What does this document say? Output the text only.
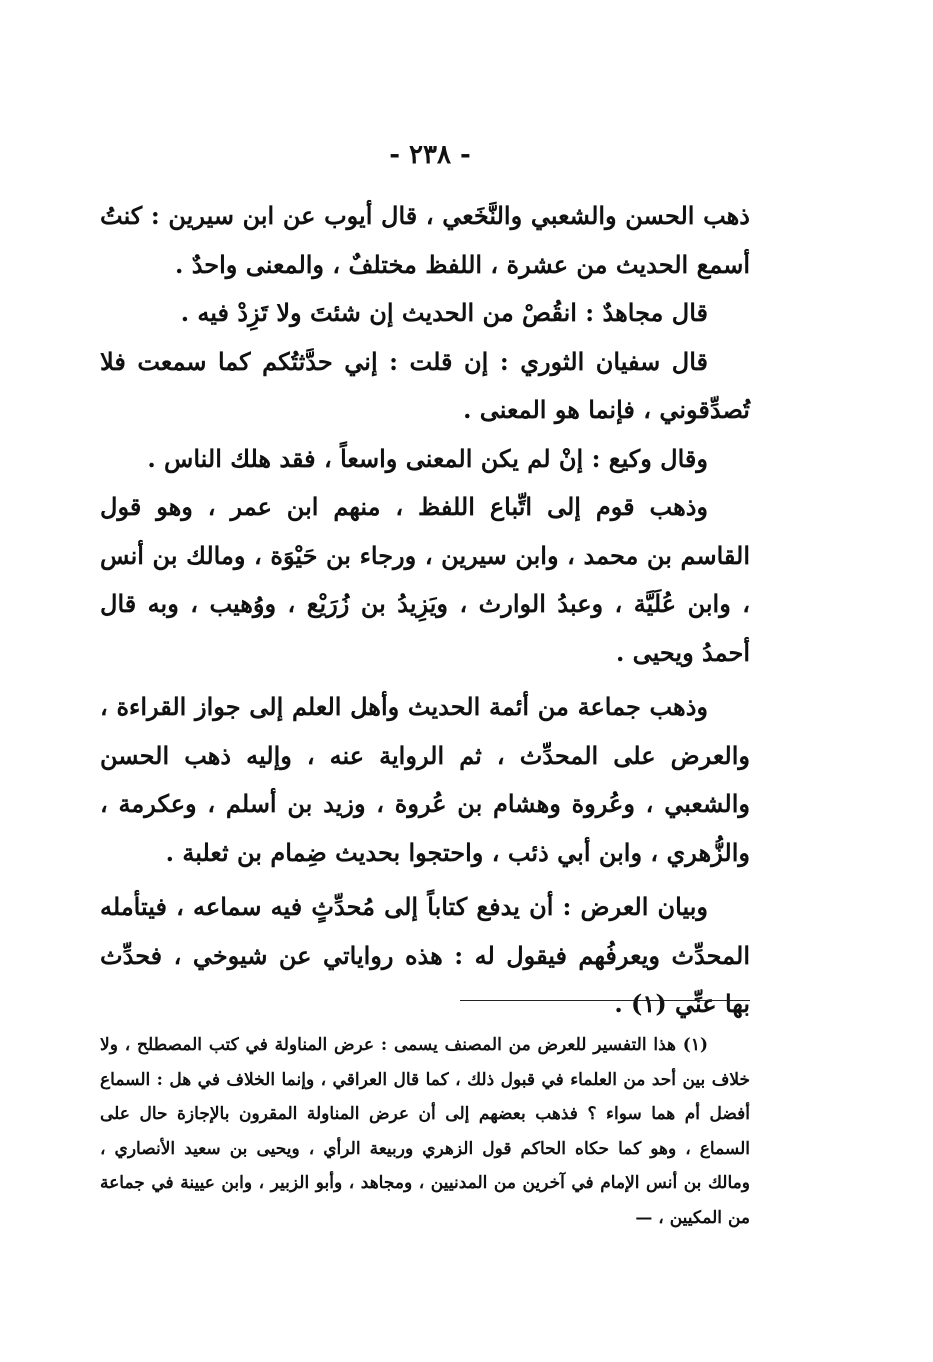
- ٢٣٨ -

ذهب الحسن والشعبي والنَّخَعي ، قال أيوب عن ابن سيرين : كنتُ أسمع الحديث من عشرة ، اللفظ مختلفٌ ، والمعنى واحدٌ .

قال مجاهدٌ : انقُصْ من الحديث إن شئتَ ولا تَزِدْ فيه .

قال سفيان الثوري : إن قلت : إني حدَّثتُكم كما سمعت فلا تُصدِّقوني ، فإنما هو المعنى .

وقال وكيع : إنْ لم يكن المعنى واسعاً ، فقد هلك الناس .

وذهب قوم إلى اتِّباع اللفظ ، منهم ابن عمر ، وهو قول القاسم بن محمد ، وابن سيرين ، ورجاء بن حَيْوَة ، ومالك بن أنس ، وابن عُلَيَّة ، وعبدُ الوارث ، ويَزِيدُ بن زُرَيْع ، ووُهيب ، وبه قال أحمدُ ويحيى .

وذهب جماعة من أئمة الحديث وأهل العلم إلى جواز القراءة ، والعرض على المحدِّث ، ثم الرواية عنه ، وإليه ذهب الحسن والشعبي ، وعُروة وهشام بن عُروة ، وزيد بن أسلم ، وعكرمة ، والزُّهري ، وابن أبي ذئب ، واحتجوا بحديث ضِمام بن ثعلبة .

وبيان العرض : أن يدفع كتاباً إلى مُحدِّثٍ فيه سماعه ، فيتأمله المحدِّث ويعرفُهم فيقول له : هذه رواياتي عن شيوخي ، فحدِّث بها عنِّي (١) .

(١) هذا التفسير للعرض من المصنف يسمى : عرض المناولة في كتب المصطلح ، ولا خلاف بين أحد من العلماء في قبول ذلك ، كما قال العراقي ، وإنما الخلاف في هل : السماع أفضل أم هما سواء ؟ فذهب بعضهم إلى أن عرض المناولة المقرون بالإجازة حال على السماع ، وهو كما حكاه الحاكم قول الزهري وربيعة الرأي ، ويحيى بن سعيد الأنصاري ، ومالك بن أنس الإمام في آخرين من المدنيين ، ومجاهد ، وأبو الزبير ، وابن عيينة في جماعة من المكيين ، —
